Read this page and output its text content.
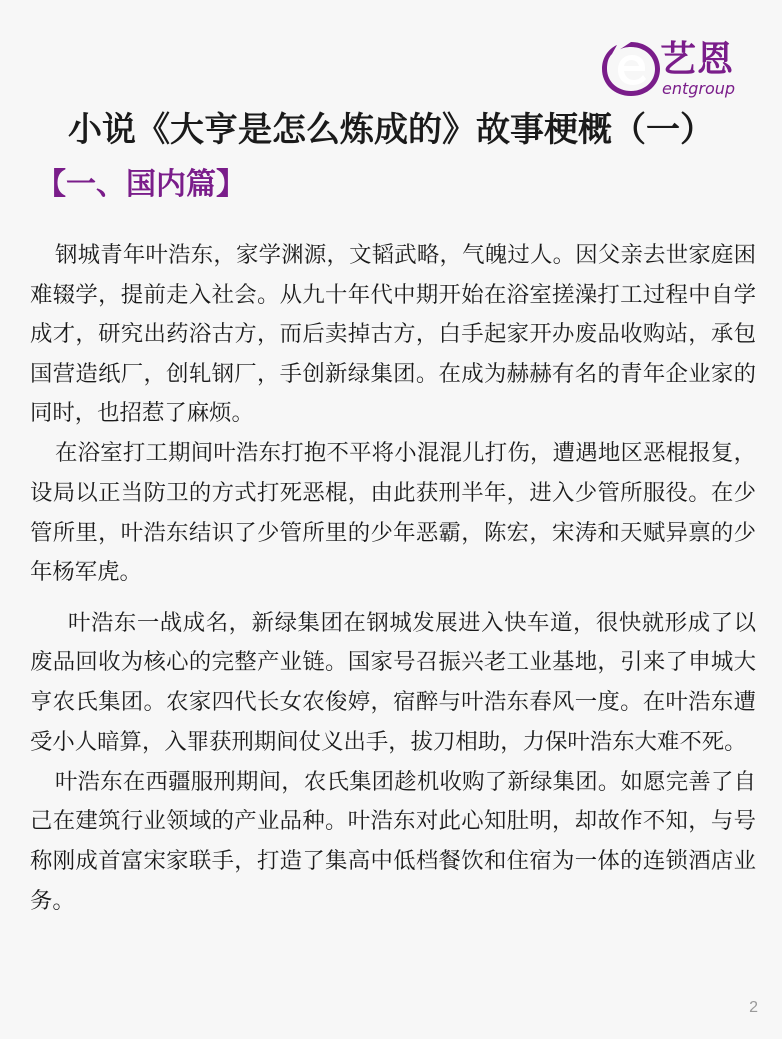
艺恩
entgroup
小说《大亨是怎么炼成的》故事梗概（一）
【一、国内篇】

钢城青年叶浩东，家学渊源，文韬武略，气魄过人。因父亲去世家庭困难辍学，提前走入社会。从九十年代中期开始在浴室搓澡打工过程中自学成才，研究出药浴古方，而后卖掉古方，白手起家开办废品收购站，承包国营造纸厂，创轧钢厂，手创新绿集团。在成为赫赫有名的青年企业家的同时，也招惹了麻烦。

在浴室打工期间叶浩东打抱不平将小混混儿打伤，遭遇地区恶棍报复，设局以正当防卫的方式打死恶棍，由此获刑半年，进入少管所服役。在少管所里，叶浩东结识了少管所里的少年恶霸，陈宏，宋涛和天赋异禀的少年杨军虎。

叶浩东一战成名，新绿集团在钢城发展进入快车道，很快就形成了以废品回收为核心的完整产业链。国家号召振兴老工业基地，引来了申城大亨农氏集团。农家四代长女农俊婷，宿醉与叶浩东春风一度。在叶浩东遭受小人暗算，入罪获刑期间仗义出手，拔刀相助，力保叶浩东大难不死。

叶浩东在西疆服刑期间，农氏集团趁机收购了新绿集团。如愿完善了自己在建筑行业领域的产业品种。叶浩东对此心知肚明，却故作不知，与号称刚成首富宋家联手，打造了集高中低档餐饮和住宿为一体的连锁酒店业务。

2
